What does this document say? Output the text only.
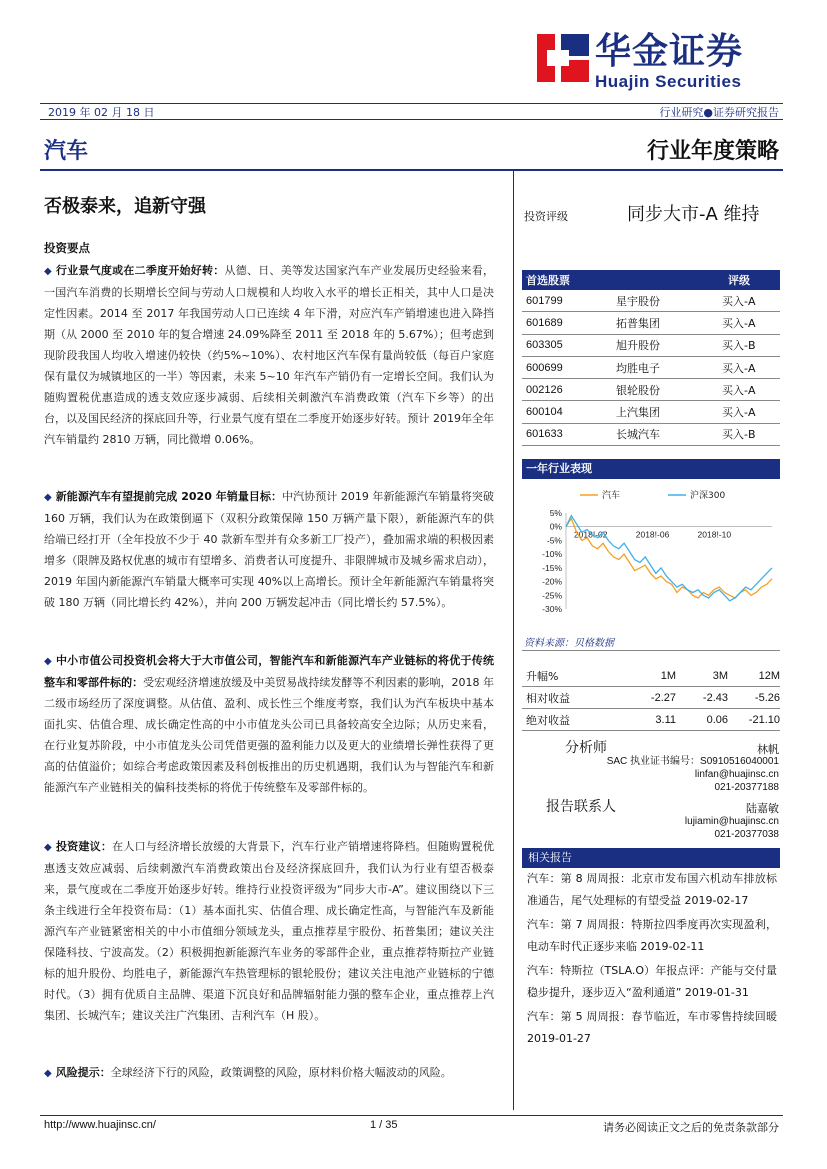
华金证券
Huajin Securities
2019 年 02 月 18 日	行业研究●证券研究报告
汽车	行业年度策略
否极泰来，追新守强
投资要点
◆ 行业景气度或在二季度开始好转：从德、日、美等发达国家汽车产业发展历史经验来看，一国汽车消费的长期增长空间与劳动人口规模和人均收入水平的增长正相关，其中人口是决定性因素。2014 至 2017 年我国劳动人口已连续 4 年下滑，对应汽车产销增速也进入降挡期（从 2000 至 2010 年的复合增速 24.09%降至 2011 至 2018 年的 5.67%）；但考虑到现阶段我国人均收入增速仍较快（约5%~10%）、农村地区汽车保有量尚较低（每百户家庭保有量仅为城镇地区的一半）等因素，未来 5~10 年汽车产销仍有一定增长空间。我们认为随购置税优惠造成的透支效应逐步减弱、后续相关刺激汽车消费政策（汽车下乡等）的出台，以及国民经济的探底回升等，行业景气度有望在二季度开始逐步好转。预计 2019年全年汽车销量约 2810 万辆，同比微增 0.06%。
◆ 新能源汽车有望提前完成 2020 年销量目标：中汽协预计 2019 年新能源汽车销量将突破 160 万辆，我们认为在政策倒逼下（双积分政策保障 150 万辆产量下限），新能源汽车的供给端已经打开（全年投放不少于 40 款新车型并有众多新工厂投产），叠加需求端的积极因素增多（限牌及路权优惠的城市有望增多、消费者认可度提升、非限牌城市及城乡需求启动），2019 年国内新能源汽车销量大概率可实现 40%以上高增长。预计全年新能源汽车销量将突破 180 万辆（同比增长约 42%），并向 200 万辆发起冲击（同比增长约 57.5%）。
◆ 中小市值公司投资机会将大于大市值公司，智能汽车和新能源汽车产业链标的将优于传统整车和零部件标的：受宏观经济增速放缓及中美贸易战持续发酵等不利因素的影响，2018 年二级市场经历了深度调整。从估值、盈利、成长性三个维度考察，我们认为汽车板块中基本面扎实、估值合理、成长确定性高的中小市值龙头公司已具备较高安全边际；从历史来看，在行业复苏阶段，中小市值龙头公司凭借更强的盈利能力以及更大的业绩增长弹性获得了更高的估值溢价；如综合考虑政策因素及科创板推出的历史机遇期，我们认为与智能汽车和新能源汽车产业链相关的偏科技类标的将优于传统整车及零部件标的。
◆ 投资建议：在人口与经济增长放缓的大背景下，汽车行业产销增速将降档。但随购置税优惠透支效应减弱、后续刺激汽车消费政策出台及经济探底回升，我们认为行业有望否极泰来，景气度或在二季度开始逐步好转。维持行业投资评级为“同步大市-A”。建议围绕以下三条主线进行全年投资布局：（1）基本面扎实、估值合理、成长确定性高，与智能汽车及新能源汽车产业链紧密相关的中小市值细分领域龙头，重点推荐星宇股份、拓普集团；建议关注保隆科技、宁波高发。（2）积极拥抱新能源汽车业务的零部件企业，重点推荐特斯拉产业链标的旭升股份、均胜电子，新能源汽车热管理标的银轮股份；建议关注电池产业链标的宁德时代。（3）拥有优质自主品牌、渠道下沉良好和品牌辐射能力强的整车企业，重点推荐上汽集团、长城汽车；建议关注广汽集团、吉利汽车（H 股）。
◆ 风险提示：全球经济下行的风险，政策调整的风险，原材料价格大幅波动的风险。
投资评级	同步大市-A 维持
首选股票	评级
601799	星宇股份	买入-A
601689	拓普集团	买入-A
603305	旭升股份	买入-B
600699	均胜电子	买入-A
002126	银轮股份	买入-A
600104	上汽集团	买入-A
601633	长城汽车	买入-B
一年行业表现
5%
0%
-5%
-10%
-15%
-20%
-25%
-30%
2018!-02	2018!-06	2018!-10
汽车	沪深300
资料来源：贝格数据
升幅%	1M	3M	12M
相对收益	-2.27	-2.43	-5.26
绝对收益	3.11	0.06	-21.10
分析师	林帆
SAC 执业证书编号：S0910516040001
linfan@huajinsc.cn
021-20377188
报告联系人	陆嘉敏
lujiamin@huajinsc.cn
021-20377038
相关报告

汽车：第 8 周周报：北京市发布国六机动车排放标准通告，尾气处理标的有望受益 2019-02-17

汽车：第 7 周周报：特斯拉四季度再次实现盈利，电动车时代正逐步来临 2019-02-11

汽车：特斯拉（TSLA.O）年报点评：产能与交付量稳步提升，逐步迈入“盈利通道” 2019-01-31

汽车：第 5 周周报：春节临近，车市零售持续回暖 2019-01-27

http://www.huajinsc.cn/	1 / 35	请务必阅读正文之后的免责条款部分
